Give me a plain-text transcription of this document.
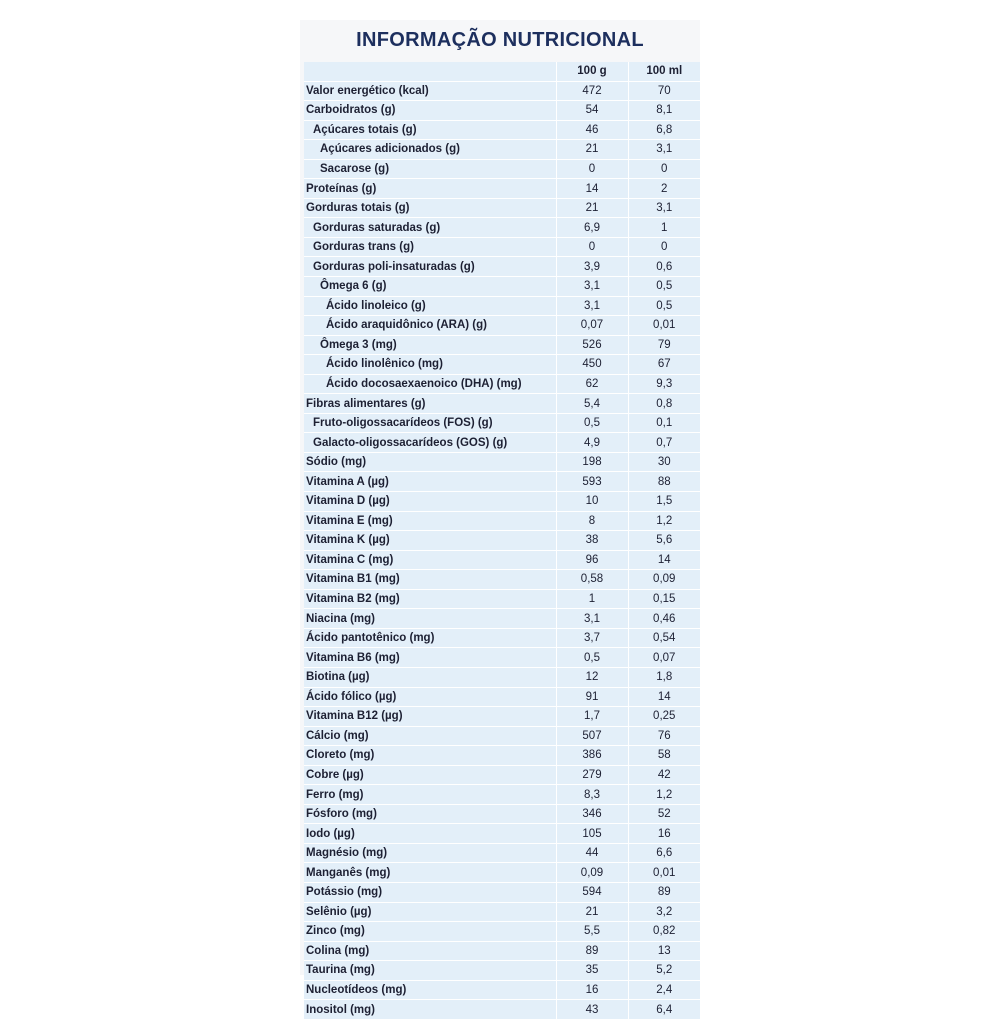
INFORMAÇÃO NUTRICIONAL
	100 g	100 ml
Valor energético (kcal)	472	70
Carboidratos (g)	54	8,1
Açúcares totais (g)	46	6,8
Açúcares adicionados (g)	21	3,1
Sacarose (g)	0	0
Proteínas (g)	14	2
Gorduras totais (g)	21	3,1
Gorduras saturadas (g)	6,9	1
Gorduras trans (g)	0	0
Gorduras poli-insaturadas (g)	3,9	0,6
Ômega 6 (g)	3,1	0,5
Ácido linoleico (g)	3,1	0,5
Ácido araquidônico (ARA) (g)	0,07	0,01
Ômega 3 (mg)	526	79
Ácido linolênico (mg)	450	67
Ácido docosaexaenoico (DHA) (mg)	62	9,3
Fibras alimentares (g)	5,4	0,8
Fruto-oligossacarídeos (FOS) (g)	0,5	0,1
Galacto-oligossacarídeos (GOS) (g)	4,9	0,7
Sódio (mg)	198	30
Vitamina A (µg)	593	88
Vitamina D (µg)	10	1,5
Vitamina E (mg)	8	1,2
Vitamina K (µg)	38	5,6
Vitamina C (mg)	96	14
Vitamina B1 (mg)	0,58	0,09
Vitamina B2 (mg)	1	0,15
Niacina (mg)	3,1	0,46
Ácido pantotênico (mg)	3,7	0,54
Vitamina B6 (mg)	0,5	0,07
Biotina (µg)	12	1,8
Ácido fólico (µg)	91	14
Vitamina B12 (µg)	1,7	0,25
Cálcio (mg)	507	76
Cloreto (mg)	386	58
Cobre (µg)	279	42
Ferro (mg)	8,3	1,2
Fósforo (mg)	346	52
Iodo (µg)	105	16
Magnésio (mg)	44	6,6
Manganês (mg)	0,09	0,01
Potássio (mg)	594	89
Selênio (µg)	21	3,2
Zinco (mg)	5,5	0,82
Colina (mg)	89	13
Taurina (mg)	35	5,2
Nucleotídeos (mg)	16	2,4
Inositol (mg)	43	6,4
